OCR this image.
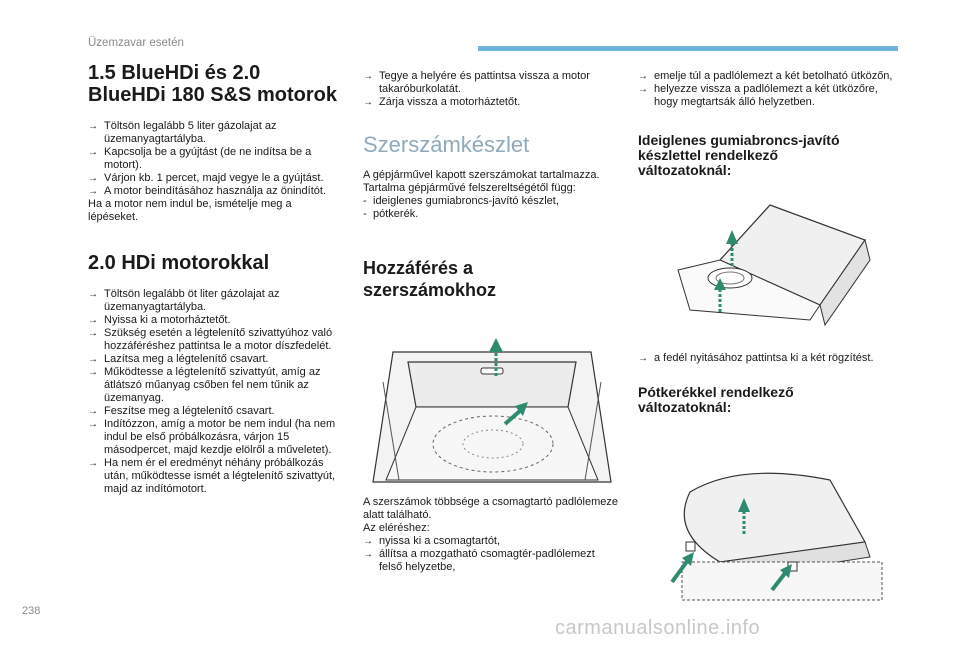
Üzemzavar esetén
1.5 BlueHDi és 2.0 BlueHDi 180 S&S motorok
→ Töltsön legalább 5 liter gázolajat az üzemanyagtartályba.
→ Kapcsolja be a gyújtást (de ne indítsa be a motort).
→ Várjon kb. 1 percet, majd vegye le a gyújtást.
→ A motor beindításához használja az önindítót.

Ha a motor nem indul be, ismételje meg a lépéseket.

2.0 HDi motorokkal
→ Töltsön legalább öt liter gázolajat az üzemanyagtartályba.
→ Nyissa ki a motorháztetőt.
→ Szükség esetén a légtelenítő szivattyúhoz való hozzáféréshez pattintsa le a motor díszfedelét.
→ Lazítsa meg a légtelenítő csavart.
→ Működtesse a légtelenítő szivattyút, amíg az átlátszó műanyag csőben fel nem tűnik az üzemanyag.
→ Feszítse meg a légtelenítő csavart.
→ Indítózzon, amíg a motor be nem indul (ha nem indul be első próbálkozásra, várjon 15 másodpercet, majd kezdje elölről a műveletet).
→ Ha nem ér el eredményt néhány próbálkozás után, működtesse ismét a légtelenítő szivattyút, majd az indítómotort.
→ Tegye a helyére és pattintsa vissza a motor takaróburkolatát.
→ Zárja vissza a motorháztetőt.
Szerszámkészlet

A gépjárművel kapott szerszámokat tartalmazza.

Tartalma gépjárművé felszereltségétől függ:

- ideiglenes gumiabroncs-javító készlet,
- pótkerék.
Hozzáférés a szerszámokhoz

A szerszámok többsége a csomagtartó padlólemeze alatt található.

Az eléréshez:

→ nyissa ki a csomagtartót,
→ állítsa a mozgatható csomagtér-padlólemezt felső helyzetbe,
→ emelje túl a padlólemezt a két betolható ütközőn,
→ helyezze vissza a padlólemezt a két ütközőre, hogy megtartsák álló helyzetben.
Ideiglenes gumiabroncs-javító készlettel rendelkező változatoknál:
→ a fedél nyitásához pattintsa ki a két rögzítést.
Pótkerékkel rendelkező változatoknál:
238
carmanualsonline.info
